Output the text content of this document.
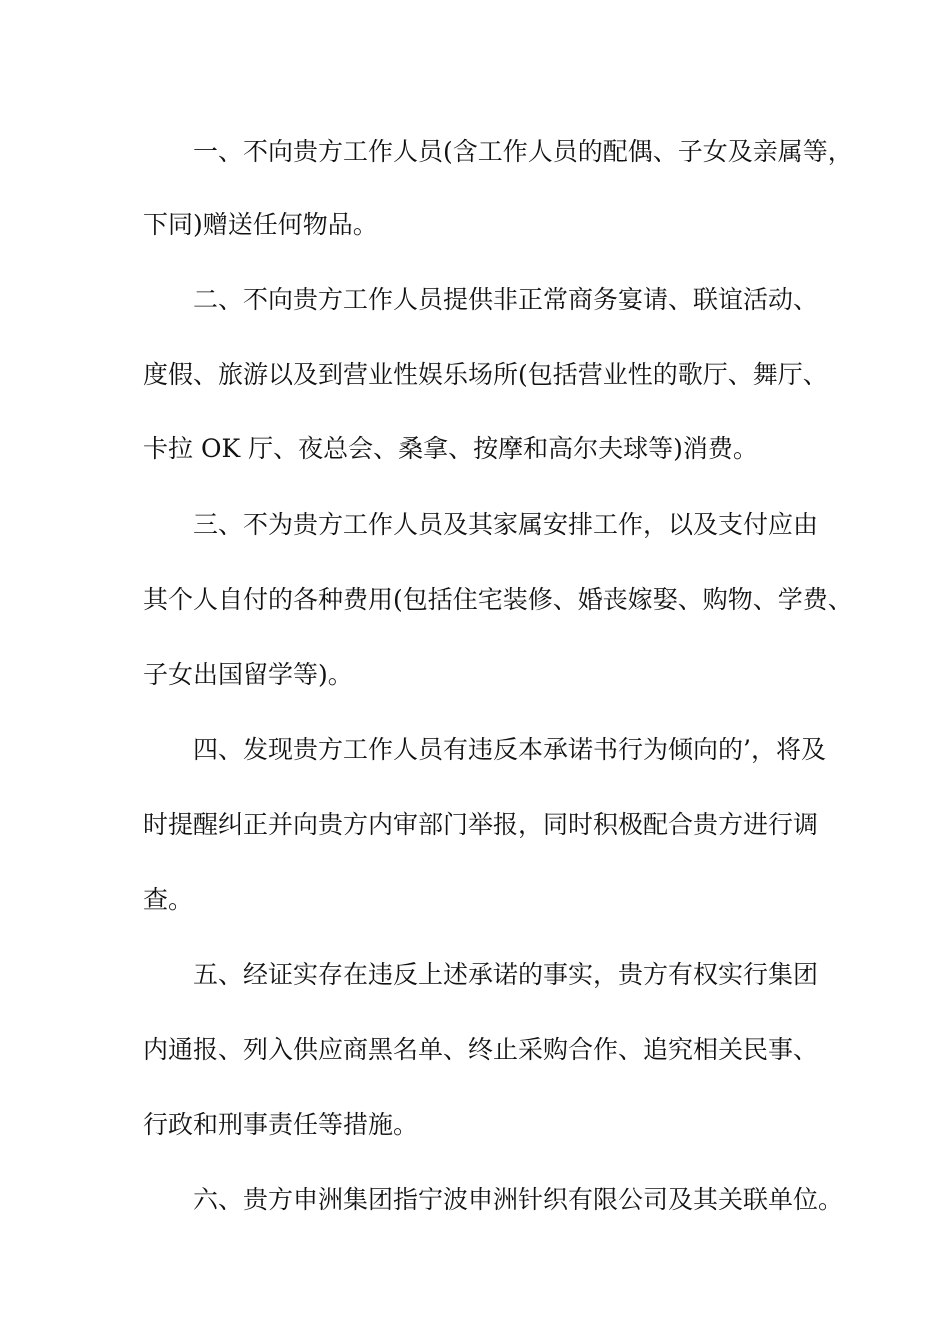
一、不向贵方工作人员(含工作人员的配偶、子女及亲属等，
下同)赠送任何物品。
二、不向贵方工作人员提供非正常商务宴请、联谊活动、
度假、旅游以及到营业性娱乐场所(包括营业性的歌厅、舞厅、
卡拉 OK 厅、夜总会、桑拿、按摩和高尔夫球等)消费。
三、不为贵方工作人员及其家属安排工作，以及支付应由
其个人自付的各种费用(包括住宅装修、婚丧嫁娶、购物、学费、
子女出国留学等)。
四、发现贵方工作人员有违反本承诺书行为倾向的’，将及
时提醒纠正并向贵方内审部门举报，同时积极配合贵方进行调
查。
五、经证实存在违反上述承诺的事实，贵方有权实行集团
内通报、列入供应商黑名单、终止采购合作、追究相关民事、
行政和刑事责任等措施。
六、贵方申洲集团指宁波申洲针织有限公司及其关联单位。
